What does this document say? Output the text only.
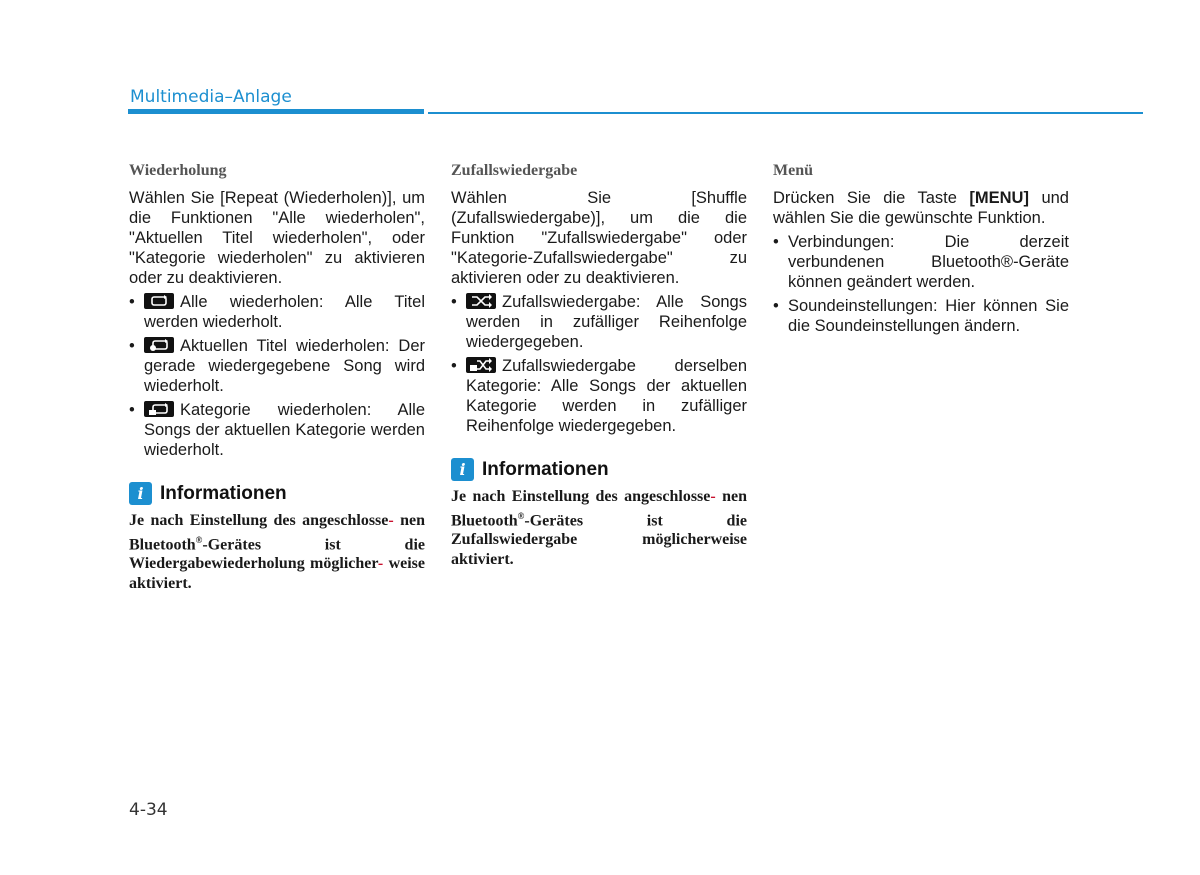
Multimedia–Anlage
Wiederholung

Wählen Sie [Repeat (Wiederholen)], um die Funktionen "Alle wiederholen", "Aktuellen Titel wiederholen", oder "Kategorie wiederholen" zu aktivieren oder zu deaktivieren.

•	Alle wiederholen: Alle Titel werden wiederholt.
•	Aktuellen Titel wiederholen: Der gerade wiedergegebene Song wird wiederholt.
•	Kategorie wiederholen: Alle Songs der aktuellen Kategorie werden wiederholt.
i Informationen

Je nach Einstellung des angeschlosse- nen Bluetooth®-Gerätes ist die Wiedergabewiederholung möglicher- weise aktiviert.

Zufallswiedergabe

Wählen Sie [Shuffle (Zufallswiedergabe)], um die die Funktion "Zufallswiedergabe" oder "Kategorie-Zufallswiedergabe" zu aktivieren oder zu deaktivieren.

•	Zufallswiedergabe: Alle Songs werden in zufälliger Reihenfolge wiedergegeben.
•	Zufallswiedergabe derselben Kategorie: Alle Songs der aktuellen Kategorie werden in zufälliger Reihenfolge wiedergegeben.
i Informationen

Je nach Einstellung des angeschlosse- nen Bluetooth®-Gerätes ist die Zufallswiedergabe möglicherweise aktiviert.

Menü

Drücken Sie die Taste [MENU] und wählen Sie die gewünschte Funktion.

• Verbindungen: Die derzeit verbundenen Bluetooth®-Geräte können geändert werden.
• Soundeinstellungen: Hier können Sie die Soundeinstellungen ändern.
4-34
